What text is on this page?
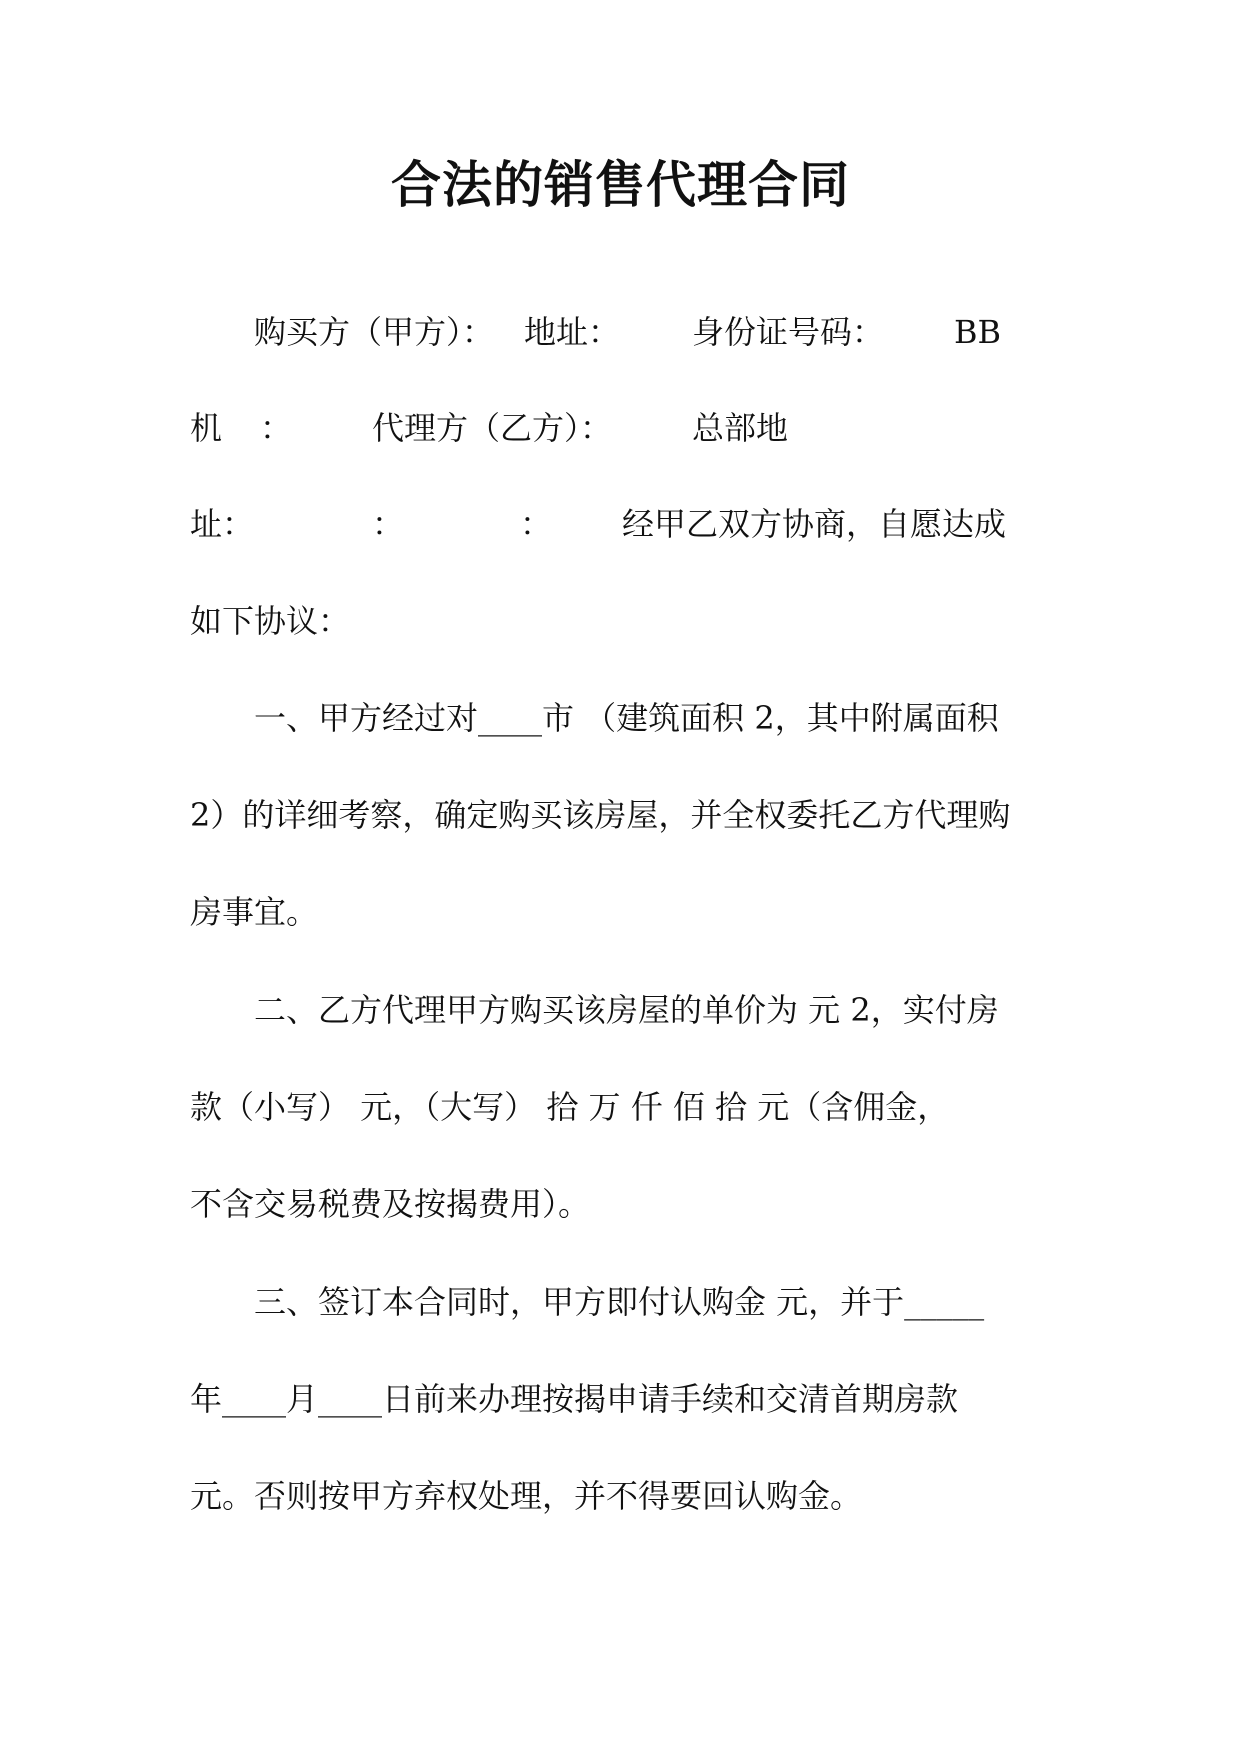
合法的销售代理合同
购买方（甲方）： 地址： 身份证号码： BB
机 ： 代理方（乙方）： 总部地
址：	：	： 经甲乙双方协商，自愿达成
如下协议：
一、甲方经过对____市 （建筑面积 2，其中附属面积
2）的详细考察，确定购买该房屋，并全权委托乙方代理购
房事宜。
二、乙方代理甲方购买该房屋的单价为 元 2，实付房
款（小写） 元，（大写） 拾 万 仟 佰 拾 元（含佣金，
不含交易税费及按揭费用）。
三、签订本合同时，甲方即付认购金 元，并于_____
年____月____日前来办理按揭申请手续和交清首期房款
元。否则按甲方弃权处理，并不得要回认购金。
